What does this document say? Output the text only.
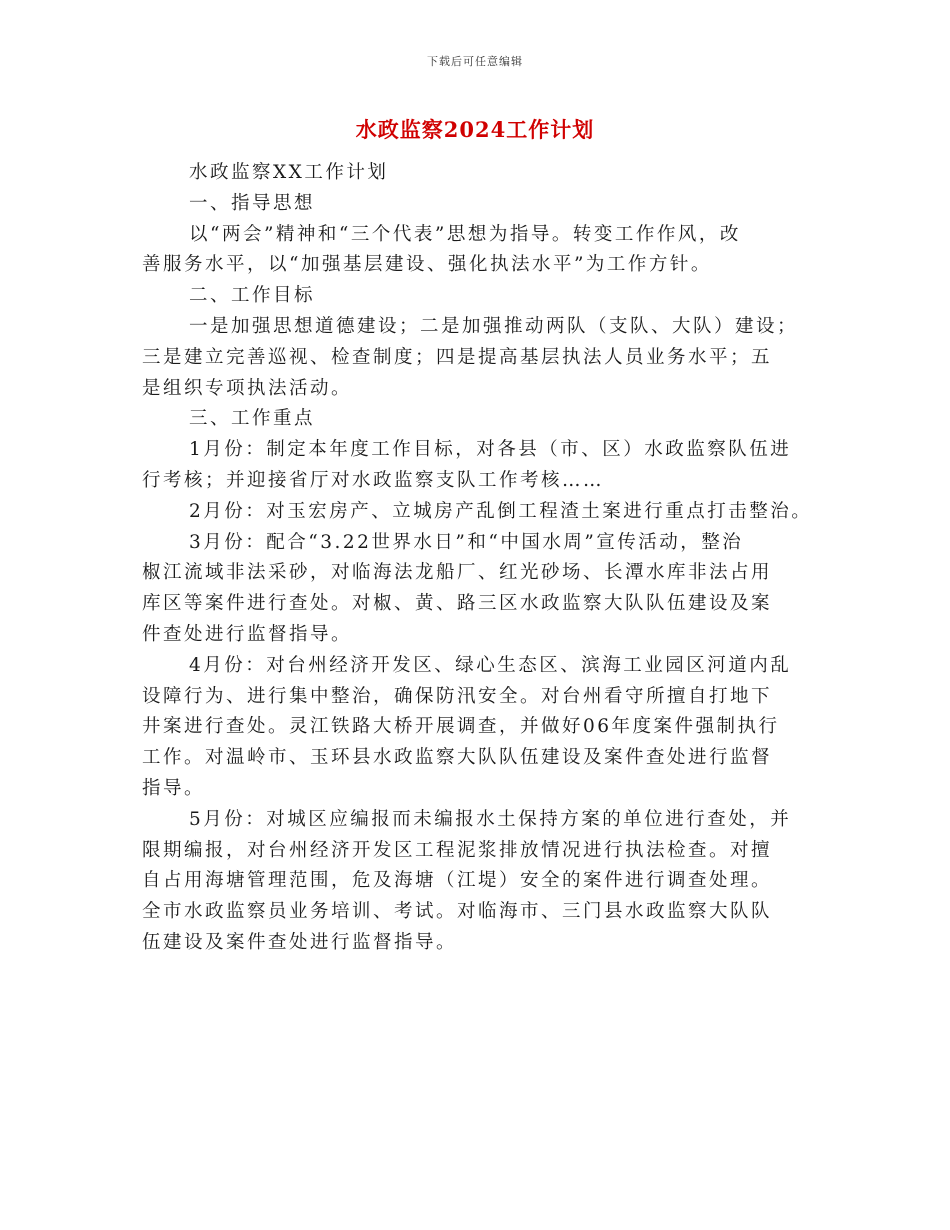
下载后可任意编辑
水政监察2024工作计划

水政监察XX工作计划

一、指导思想

以“两会”精神和“三个代表”思想为指导。转变工作作风，改

善服务水平，以“加强基层建设、强化执法水平”为工作方针。

二、工作目标

一是加强思想道德建设；二是加强推动两队（支队、大队）建设；

三是建立完善巡视、检查制度；四是提高基层执法人员业务水平；五

是组织专项执法活动。

三、工作重点

1月份：制定本年度工作目标，对各县（市、区）水政监察队伍进

行考核；并迎接省厅对水政监察支队工作考核……

2月份：对玉宏房产、立城房产乱倒工程渣土案进行重点打击整治。

3月份：配合“3.22世界水日”和“中国水周”宣传活动，整治

椒江流域非法采砂，对临海法龙船厂、红光砂场、长潭水库非法占用

库区等案件进行查处。对椒、黄、路三区水政监察大队队伍建设及案

件查处进行监督指导。

4月份：对台州经济开发区、绿心生态区、滨海工业园区河道内乱

设障行为、进行集中整治，确保防汛安全。对台州看守所擅自打地下

井案进行查处。灵江铁路大桥开展调查，并做好06年度案件强制执行

工作。对温岭市、玉环县水政监察大队队伍建设及案件查处进行监督

指导。

5月份：对城区应编报而未编报水土保持方案的单位进行查处，并

限期编报，对台州经济开发区工程泥浆排放情况进行执法检查。对擅

自占用海塘管理范围，危及海塘（江堤）安全的案件进行调查处理。

全市水政监察员业务培训、考试。对临海市、三门县水政监察大队队

伍建设及案件查处进行监督指导。
